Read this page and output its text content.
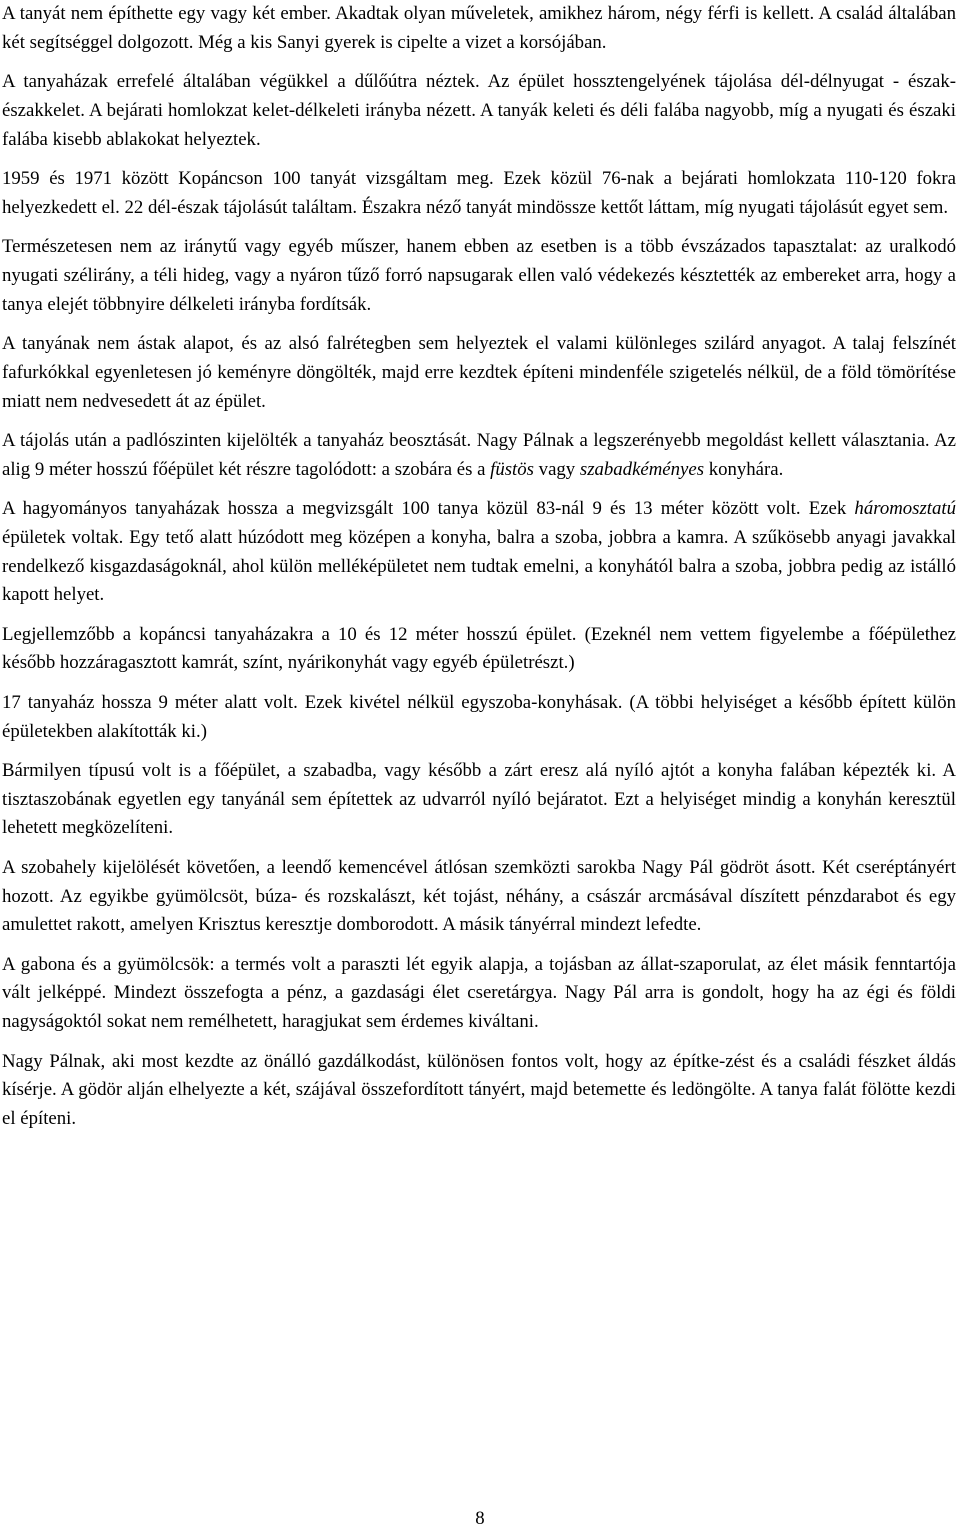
A tanyát nem építhette egy vagy két ember. Akadtak olyan műveletek, amikhez három, négy férfi is kellett. A család általában két segítséggel dolgozott. Még a kis Sanyi gyerek is cipelte a vizet a korsójában.

A tanyaházak errefelé általában végükkel a dűlőútra néztek. Az épület hossztengelyének tájolása dél-délnyugat - észak-északkelet. A bejárati homlokzat kelet-délkeleti irányba nézett. A tanyák keleti és déli falába nagyobb, míg a nyugati és északi falába kisebb ablakokat helyeztek.

1959 és 1971 között Kopáncson 100 tanyát vizsgáltam meg. Ezek közül 76-nak a bejárati homlokzata 110-120 fokra helyezkedett el. 22 dél-észak tájolásút találtam. Északra néző tanyát mindössze kettőt láttam, míg nyugati tájolásút egyet sem.

Természetesen nem az iránytű vagy egyéb műszer, hanem ebben az esetben is a több évszázados tapasztalat: az uralkodó nyugati szélirány, a téli hideg, vagy a nyáron tűző forró napsugarak ellen való védekezés késztették az embereket arra, hogy a tanya elejét többnyire délkeleti irányba fordítsák.

A tanyának nem ástak alapot, és az alsó falrétegben sem helyeztek el valami különleges szilárd anyagot. A talaj felszínét fafurkókkal egyenletesen jó keményre döngölték, majd erre kezdtek építeni mindenféle szigetelés nélkül, de a föld tömörítése miatt nem nedvesedett át az épület.

A tájolás után a padlószinten kijelölték a tanyaház beosztását. Nagy Pálnak a legszerényebb megoldást kellett választania. Az alig 9 méter hosszú főépület két részre tagolódott: a szobára és a füstös vagy szabadkéményes konyhára.

A hagyományos tanyaházak hossza a megvizsgált 100 tanya közül 83-nál 9 és 13 méter között volt. Ezek háromosztatú épületek voltak. Egy tető alatt húzódott meg középen a konyha, balra a szoba, jobbra a kamra. A szűkösebb anyagi javakkal rendelkező kisgazdaságoknál, ahol külön melléképületet nem tudtak emelni, a konyhától balra a szoba, jobbra pedig az istálló kapott helyet.

Legjellemzőbb a kopáncsi tanyaházakra a 10 és 12 méter hosszú épület. (Ezeknél nem vettem figyelembe a főépülethez később hozzáragasztott kamrát, színt, nyárikonyhát vagy egyéb épületrészt.)

17 tanyaház hossza 9 méter alatt volt. Ezek kivétel nélkül egyszoba-konyhásak. (A többi helyiséget a később épített külön épületekben alakították ki.)

Bármilyen típusú volt is a főépület, a szabadba, vagy később a zárt eresz alá nyíló ajtót a konyha falában képezték ki. A tisztaszobának egyetlen egy tanyánál sem építettek az udvarról nyíló bejáratot. Ezt a helyiséget mindig a konyhán keresztül lehetett megközelíteni.

A szobahely kijelölését követően, a leendő kemencével átlósan szemközti sarokba Nagy Pál gödröt ásott. Két cseréptányért hozott. Az egyikbe gyümölcsöt, búza- és rozskalászt, két tojást, néhány, a császár arcmásával díszített pénzdarabot és egy amulettet rakott, amelyen Krisztus keresztje domborodott. A másik tányérral mindezt lefedte.

A gabona és a gyümölcsök: a termés volt a paraszti lét egyik alapja, a tojásban az állat-szaporulat, az élet másik fenntartója vált jelképpé. Mindezt összefogta a pénz, a gazdasági élet cseretárgya. Nagy Pál arra is gondolt, hogy ha az égi és földi nagyságoktól sokat nem remélhetett, haragjukat sem érdemes kiváltani.

Nagy Pálnak, aki most kezdte az önálló gazdálkodást, különösen fontos volt, hogy az építke-zést és a családi fészket áldás kísérje. A gödör alján elhelyezte a két, szájával összefordított tányért, majd betemette és ledöngölte. A tanya falát fölötte kezdi el építeni.

8
